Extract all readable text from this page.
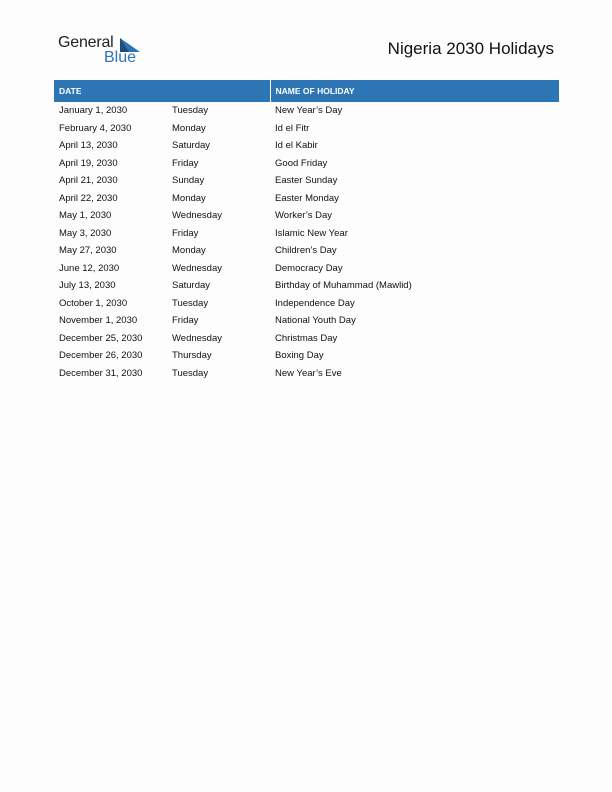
General
Blue	Nigeria 2030 Holidays
DATE		NAME OF HOLIDAY
January 1, 2030	Tuesday	New Year’s Day
February 4, 2030	Monday	Id el Fitr
April 13, 2030	Saturday	Id el Kabir
April 19, 2030	Friday	Good Friday
April 21, 2030	Sunday	Easter Sunday
April 22, 2030	Monday	Easter Monday
May 1, 2030	Wednesday	Worker’s Day
May 3, 2030	Friday	Islamic New Year
May 27, 2030	Monday	Children’s Day
June 12, 2030	Wednesday	Democracy Day
July 13, 2030	Saturday	Birthday of Muhammad (Mawlid)
October 1, 2030	Tuesday	Independence Day
November 1, 2030	Friday	National Youth Day
December 25, 2030	Wednesday	Christmas Day
December 26, 2030	Thursday	Boxing Day
December 31, 2030	Tuesday	New Year’s Eve
